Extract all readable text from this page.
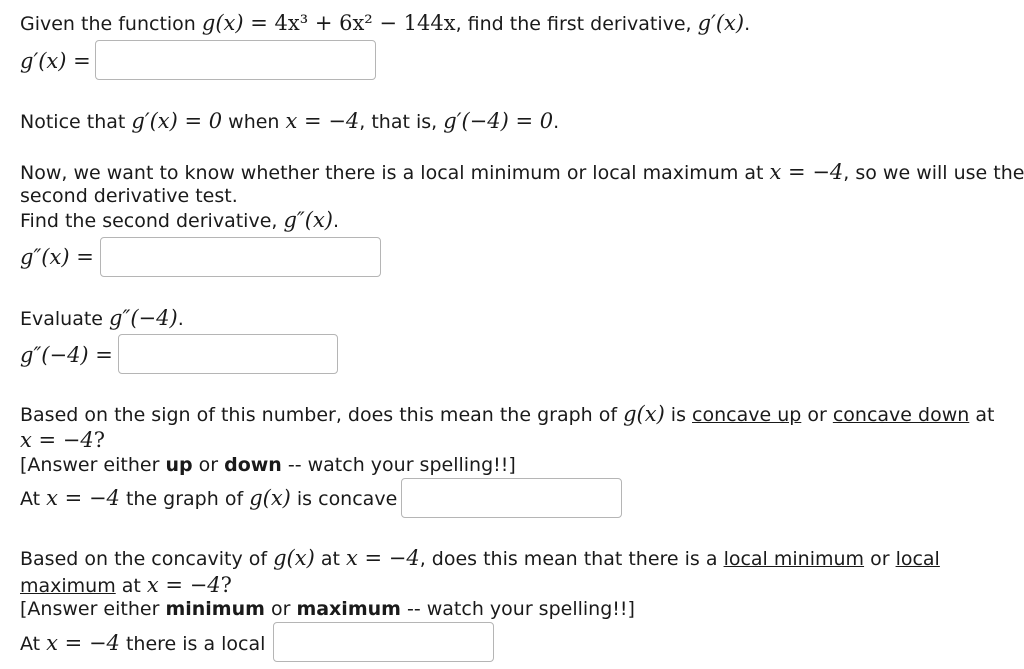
Given the function g(x) = 4x³ + 6x² − 144x, find the first derivative, g′(x).
g′(x) =
Notice that g′(x) = 0 when x = −4, that is, g′(−4) = 0.
Now, we want to know whether there is a local minimum or local maximum at x = −4, so we will use the
second derivative test.
Find the second derivative, g″(x).
g″(x) =
Evaluate g″(−4).
g″(−4) =
Based on the sign of this number, does this mean the graph of g(x) is concave up or concave down at
x = −4?
[Answer either up or down -- watch your spelling!!]
At x = −4 the graph of g(x) is concave
Based on the concavity of g(x) at x = −4, does this mean that there is a local minimum or local
maximum at x = −4?
[Answer either minimum or maximum -- watch your spelling!!]
At x = −4 there is a local
